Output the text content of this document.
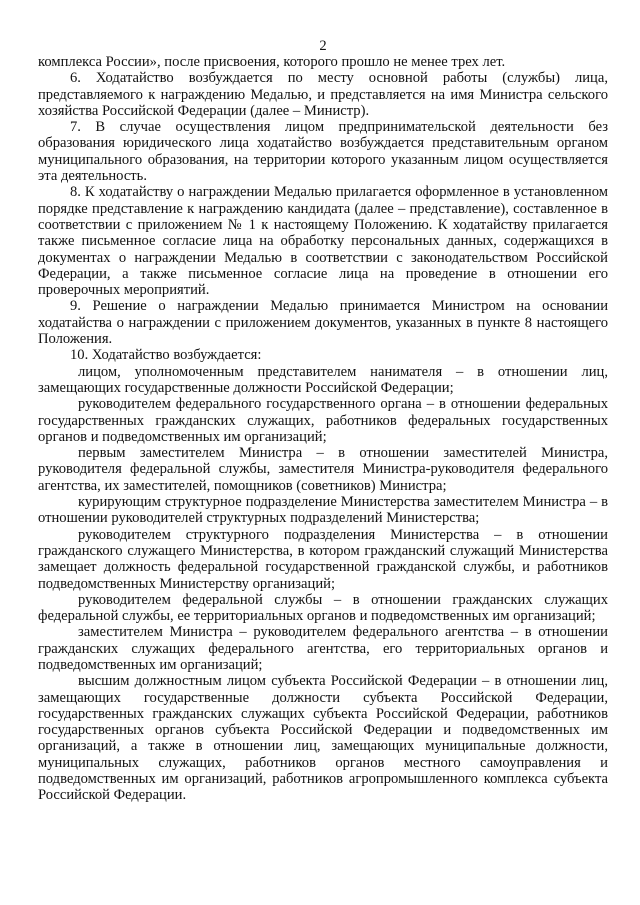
2

комплекса России», после присвоения, которого прошло не менее трех лет.

6. Ходатайство возбуждается по месту основной работы (службы) лица, представляемого к награждению Медалью, и представляется на имя Министра сельского хозяйства Российской Федерации (далее – Министр).

7. В случае осуществления лицом предпринимательской деятельности без образования юридического лица ходатайство возбуждается представительным органом муниципального образования, на территории которого указанным лицом осуществляется эта деятельность.

8. К ходатайству о награждении Медалью прилагается оформленное в установленном порядке представление к награждению кандидата (далее – представление), составленное в соответствии с приложением № 1 к настоящему Положению. К ходатайству прилагается также письменное согласие лица на обработку персональных данных, содержащихся в документах о награждении Медалью в соответствии с законодательством Российской Федерации, а также письменное согласие лица на проведение в отношении его проверочных мероприятий.

9. Решение о награждении Медалью принимается Министром на основании ходатайства о награждении с приложением документов, указанных в пункте 8 настоящего Положения.

10. Ходатайство возбуждается:

лицом, уполномоченным представителем нанимателя – в отношении лиц, замещающих государственные должности Российской Федерации;

руководителем федерального государственного органа – в отношении федеральных государственных гражданских служащих, работников федеральных государственных органов и подведомственных им организаций;

первым заместителем Министра – в отношении заместителей Министра, руководителя федеральной службы, заместителя Министра-руководителя федерального агентства, их заместителей, помощников (советников) Министра;

курирующим структурное подразделение Министерства заместителем Министра – в отношении руководителей структурных подразделений Министерства;

руководителем структурного подразделения Министерства – в отношении гражданского служащего Министерства, в котором гражданский служащий Министерства замещает должность федеральной государственной гражданской службы, и работников подведомственных Министерству организаций;

руководителем федеральной службы – в отношении гражданских служащих федеральной службы, ее территориальных органов и подведомственных им организаций;

заместителем Министра – руководителем федерального агентства – в отношении гражданских служащих федерального агентства, его территориальных органов и подведомственных им организаций;

высшим должностным лицом субъекта Российской Федерации – в отношении лиц, замещающих государственные должности субъекта Российской Федерации, государственных гражданских служащих субъекта Российской Федерации, работников государственных органов субъекта Российской Федерации и подведомственных им организаций, а также в отношении лиц, замещающих муниципальные должности, муниципальных служащих, работников органов местного самоуправления и подведомственных им организаций, работников агропромышленного комплекса субъекта Российской Федерации.
